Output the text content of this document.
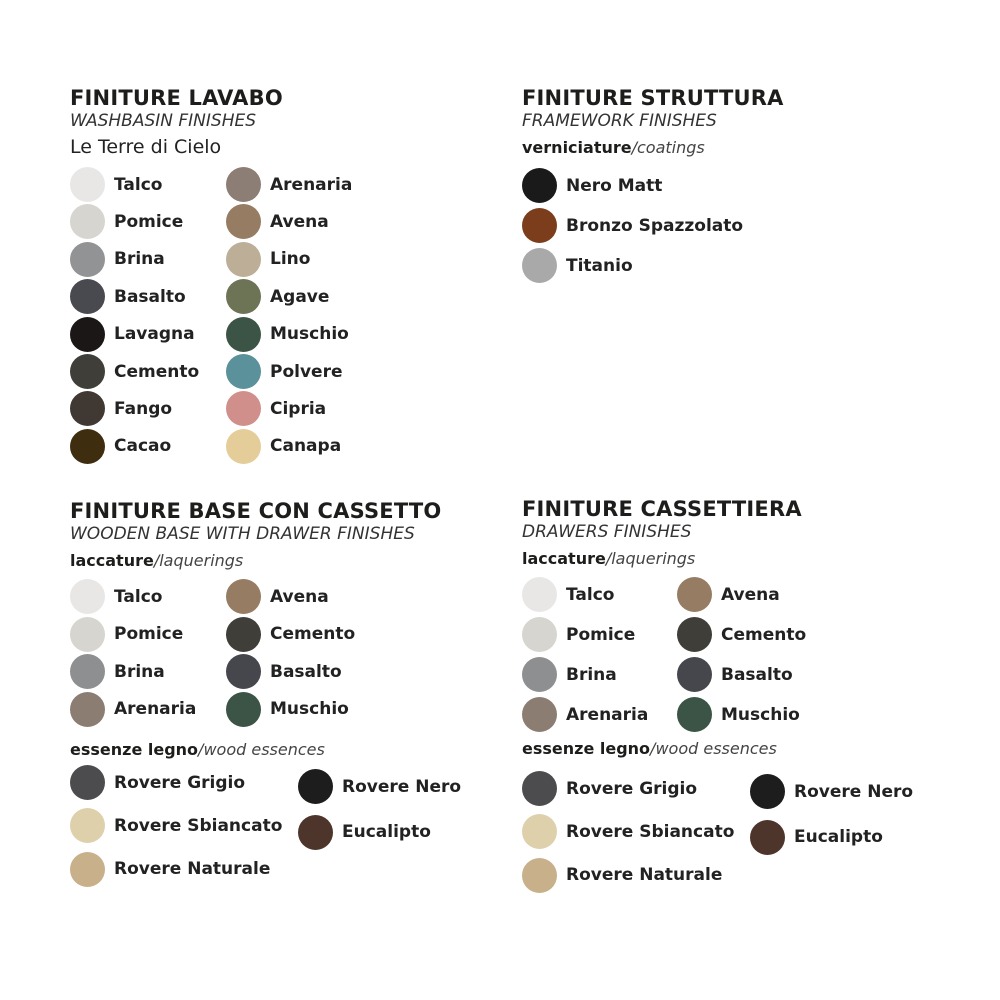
FINITURE LAVABO
WASHBASIN FINISHES
Le Terre di Cielo
FINITURE STRUTTURA
FRAMEWORK FINISHES
verniciature/coatings
FINITURE BASE CON CASSETTO
WOODEN BASE WITH DRAWER FINISHES
laccature/laquerings
essenze legno/wood essences
FINITURE CASSETTIERA
DRAWERS FINISHES
laccature/laquerings
essenze legno/wood essences
Talco
Pomice
Brina
Basalto
Lavagna
Cemento
Fango
Cacao
Arenaria
Avena
Lino
Agave
Muschio
Polvere
Cipria
Canapa
Nero Matt
Bronzo Spazzolato
Titanio
Talco
Pomice
Brina
Arenaria
Avena
Cemento
Basalto
Muschio
Rovere Grigio
Rovere Sbiancato
Rovere Naturale
Rovere Nero
Eucalipto
Talco
Pomice
Brina
Arenaria
Avena
Cemento
Basalto
Muschio
Rovere Grigio
Rovere Sbiancato
Rovere Naturale
Rovere Nero
Eucalipto
